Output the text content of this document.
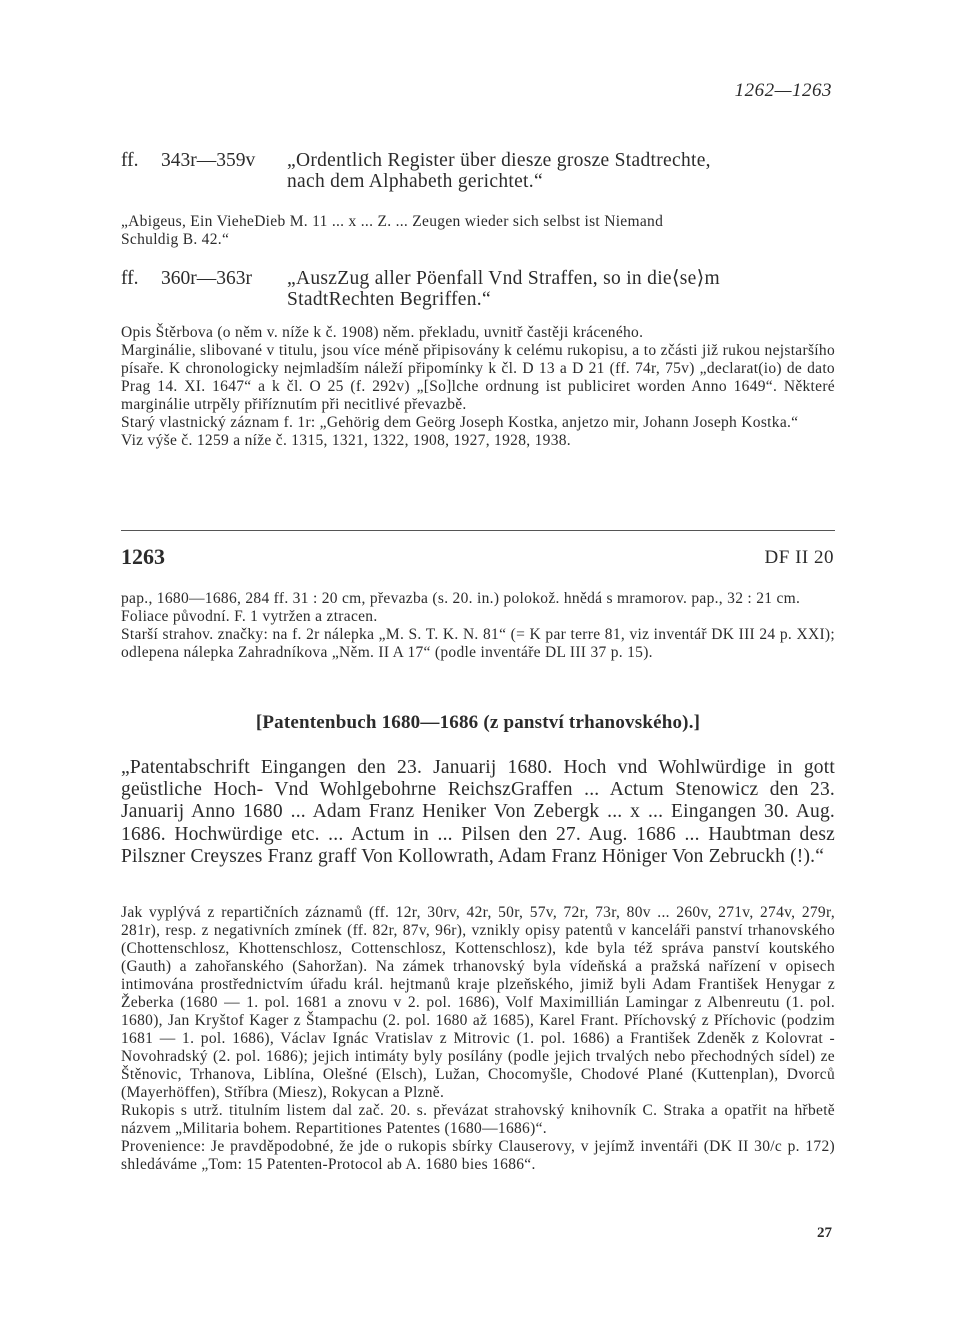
1262—1263
ff.	343r—359v	„Ordentlich Register über diesze grosze Stadtrechte,
nach dem Alphabeth gerichtet.“
„Abigeus, Ein VieheDieb M. 11 ... x ... Z. ... Zeugen wieder sich selbst ist Niemand
Schuldig B. 42.“
ff.	360r—363r	„AuszZug aller Pöenfall Vnd Straffen, so in die⟨se⟩m
StadtRechten Begriffen.“

Opis Štěrbova (o něm v. níže k č. 1908) něm. překladu, uvnitř častěji kráceného.

Marginálie, slibované v titulu, jsou více méně připisovány k celému rukopisu, a to zčásti již rukou nejstaršího písaře. K chronologicky nejmladším náleží připomínky k čl. D 13 a D 21 (ff. 74r, 75v) „declarat(io) de dato Prag 14. XI. 1647“ a k čl. O 25 (f. 292v) „[So]lche ordnung ist publiciret worden Anno 1649“. Některé marginálie utrpěly přiříznutím při necitlivé převazbě.

Starý vlastnický záznam f. 1r: „Gehörig dem Geörg Joseph Kostka, anjetzo mir, Johann Joseph Kostka.“

Viz výše č. 1259 a níže č. 1315, 1321, 1322, 1908, 1927, 1928, 1938.

1263	DF II 20

pap., 1680—1686, 284 ff. 31 : 20 cm, převazba (s. 20. in.) polokož. hnědá s mramorov. pap., 32 : 21 cm.

Foliace původní. F. 1 vytržen a ztracen.

Starší strahov. značky: na f. 2r nálepka „M. S. T. K. N. 81“ (= K par terre 81, viz inventář DK III 24 p. XXI); odlepena nálepka Zahradníkova „Něm. II A 17“ (podle inventáře DL III 37 p. 15).

[Patentenbuch 1680—1686 (z panství trhanovského).]
„Patentabschrift Eingangen den 23. Januarij 1680. Hoch vnd Wohlwürdige in gott geüstliche Hoch- Vnd Wohlgebohrne ReichszGraffen ... Actum Stenowicz den 23. Januarij Anno 1680 ... Adam Franz Heniker Von Zebergk ... x ... Eingangen 30. Aug. 1686. Hochwürdige etc. ... Actum in ... Pilsen den 27. Aug. 1686 ... Haubtman desz Pilszner Creyszes Franz graff Von Kollowrath, Adam Franz Höniger Von Zebruckh (!).“

Jak vyplývá z repartičních záznamů (ff. 12r, 30rv, 42r, 50r, 57v, 72r, 73r, 80v ... 260v, 271v, 274v, 279r, 281r), resp. z negativních zmínek (ff. 82r, 87v, 96r), vznikly opisy patentů v kanceláři panství trhanovského (Chottenschlosz, Khottenschlosz, Cottenschlosz, Kottenschlosz), kde byla též správa panství koutského (Gauth) a zahořanského (Sahoržan). Na zámek trhanovský byla vídeňská a pražská nařízení v opisech intimována prostřednictvím úřadu král. hejtmanů kraje plzeňského, jimiž byli Adam František Henygar z Žeberka (1680 — 1. pol. 1681 a znovu v 2. pol. 1686), Volf Maximillián Lamingar z Albenreutu (1. pol. 1680), Jan Kryštof Kager z Štampachu (2. pol. 1680 až 1685), Karel Frant. Příchovský z Příchovic (podzim 1681 — 1. pol. 1686), Václav Ignác Vratislav z Mitrovic (1. pol. 1686) a František Zdeněk z Kolovrat - Novohradský (2. pol. 1686); jejich intimáty byly posílány (podle jejich trvalých nebo přechodných sídel) ze Štěnovic, Trhanova, Liblína, Olešné (Elsch), Lužan, Chocomyšle, Chodové Plané (Kuttenplan), Dvorců (Mayerhöffen), Stříbra (Miesz), Rokycan a Plzně.

Rukopis s utrž. titulním listem dal zač. 20. s. převázat strahovský knihovník C. Straka a opatřit na hřbetě názvem „Militaria bohem. Repartitiones Patentes (1680—1686)“.

Provenience: Je pravděpodobné, že jde o rukopis sbírky Clauserovy, v jejímž inventáři (DK II 30/c p. 172) shledáváme „Tom: 15 Patenten-Protocol ab A. 1680 bies 1686“.

27
